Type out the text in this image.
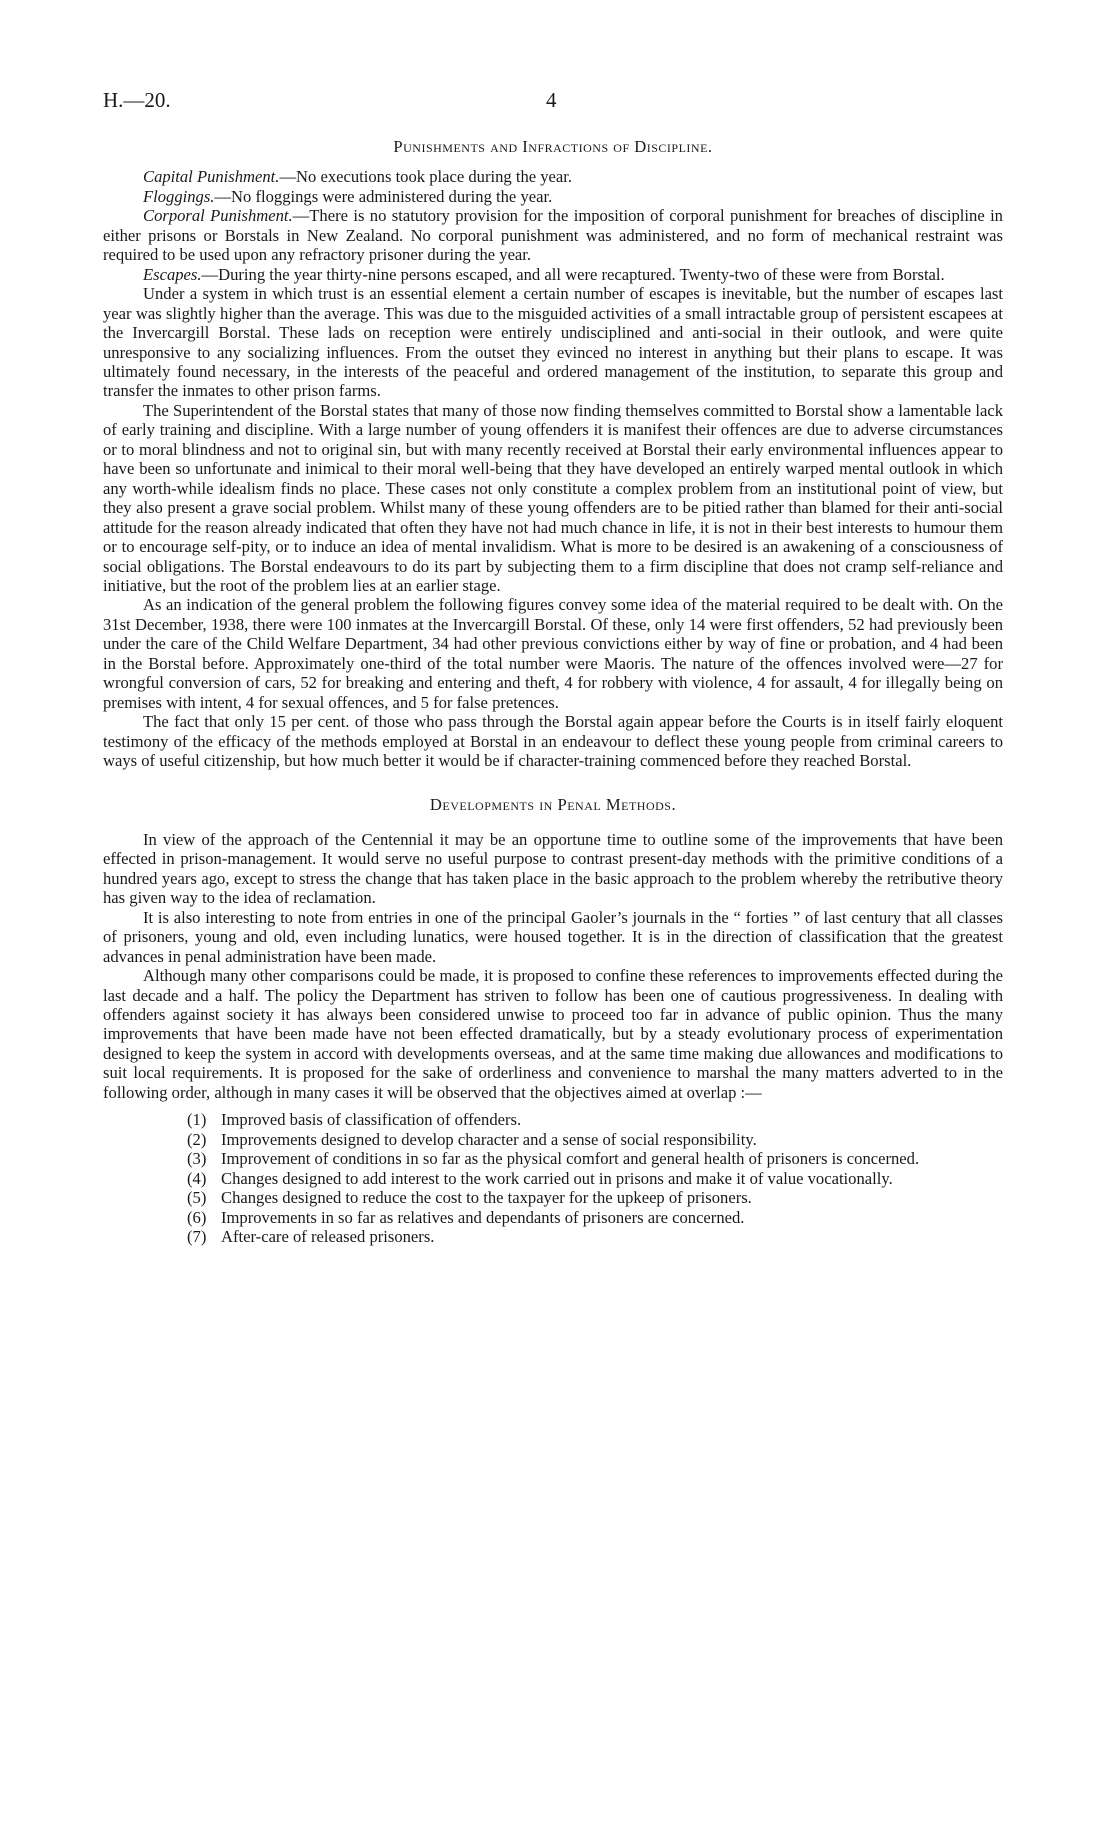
H.—20.	4
Punishments and Infractions of Discipline.

Capital Punishment.—No executions took place during the year.

Floggings.—No floggings were administered during the year.

Corporal Punishment.—There is no statutory provision for the imposition of corporal punishment for breaches of discipline in either prisons or Borstals in New Zealand. No corporal punishment was administered, and no form of mechanical restraint was required to be used upon any refractory prisoner during the year.

Escapes.—During the year thirty-nine persons escaped, and all were recaptured. Twenty-two of these were from Borstal.

Under a system in which trust is an essential element a certain number of escapes is inevitable, but the number of escapes last year was slightly higher than the average. This was due to the misguided activities of a small intractable group of persistent escapees at the Invercargill Borstal. These lads on reception were entirely undisciplined and anti-social in their outlook, and were quite unresponsive to any socializing influences. From the outset they evinced no interest in anything but their plans to escape. It was ultimately found necessary, in the interests of the peaceful and ordered management of the institution, to separate this group and transfer the inmates to other prison farms.

The Superintendent of the Borstal states that many of those now finding themselves committed to Borstal show a lamentable lack of early training and discipline. With a large number of young offenders it is manifest their offences are due to adverse circumstances or to moral blindness and not to original sin, but with many recently received at Borstal their early environmental influences appear to have been so unfortunate and inimical to their moral well-being that they have developed an entirely warped mental outlook in which any worth-while idealism finds no place. These cases not only constitute a complex problem from an institutional point of view, but they also present a grave social problem. Whilst many of these young offenders are to be pitied rather than blamed for their anti-social attitude for the reason already indicated that often they have not had much chance in life, it is not in their best interests to humour them or to encourage self-pity, or to induce an idea of mental invalidism. What is more to be desired is an awakening of a consciousness of social obligations. The Borstal endeavours to do its part by subjecting them to a firm discipline that does not cramp self-reliance and initiative, but the root of the problem lies at an earlier stage.

As an indication of the general problem the following figures convey some idea of the material required to be dealt with. On the 31st December, 1938, there were 100 inmates at the Invercargill Borstal. Of these, only 14 were first offenders, 52 had previously been under the care of the Child Welfare Department, 34 had other previous convictions either by way of fine or probation, and 4 had been in the Borstal before. Approximately one-third of the total number were Maoris. The nature of the offences involved were—27 for wrongful conversion of cars, 52 for breaking and entering and theft, 4 for robbery with violence, 4 for assault, 4 for illegally being on premises with intent, 4 for sexual offences, and 5 for false pretences.

The fact that only 15 per cent. of those who pass through the Borstal again appear before the Courts is in itself fairly eloquent testimony of the efficacy of the methods employed at Borstal in an endeavour to deflect these young people from criminal careers to ways of useful citizenship, but how much better it would be if character-training commenced before they reached Borstal.

Developments in Penal Methods.

In view of the approach of the Centennial it may be an opportune time to outline some of the improvements that have been effected in prison-management. It would serve no useful purpose to contrast present-day methods with the primitive conditions of a hundred years ago, except to stress the change that has taken place in the basic approach to the problem whereby the retributive theory has given way to the idea of reclamation.

It is also interesting to note from entries in one of the principal Gaoler’s journals in the “ forties ” of last century that all classes of prisoners, young and old, even including lunatics, were housed together. It is in the direction of classification that the greatest advances in penal administration have been made.

Although many other comparisons could be made, it is proposed to confine these references to improvements effected during the last decade and a half. The policy the Department has striven to follow has been one of cautious progressiveness. In dealing with offenders against society it has always been considered unwise to proceed too far in advance of public opinion. Thus the many improvements that have been made have not been effected dramatically, but by a steady evolutionary process of experimentation designed to keep the system in accord with developments overseas, and at the same time making due allowances and modifications to suit local requirements. It is proposed for the sake of orderliness and convenience to marshal the many matters adverted to in the following order, although in many cases it will be observed that the objectives aimed at overlap :—

(1) Improved basis of classification of offenders.
(2) Improvements designed to develop character and a sense of social responsibility.
(3) Improvement of conditions in so far as the physical comfort and general health of prisoners is concerned.
(4) Changes designed to add interest to the work carried out in prisons and make it of value vocationally.
(5) Changes designed to reduce the cost to the taxpayer for the upkeep of prisoners.
(6) Improvements in so far as relatives and dependants of prisoners are concerned.
(7) After-care of released prisoners.
